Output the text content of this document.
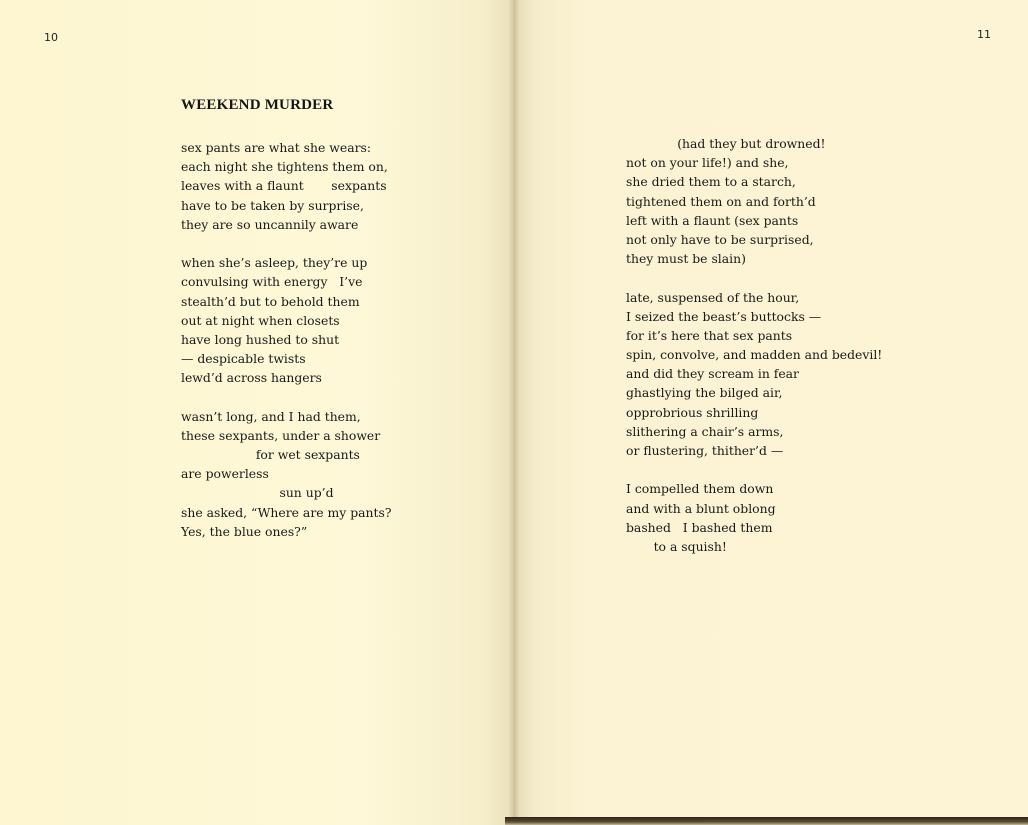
10	11
WEEKEND MURDER
sex pants are what she wears:
each night she tightens them on,
leaves with a flaunt       sexpants
have to be taken by surprise,
they are so uncannily aware
when she’s asleep, they’re up
convulsing with energy   I’ve
stealth’d but to behold them
out at night when closets
have long hushed to shut
— despicable twists
lewd’d across hangers
wasn’t long, and I had them,
these sexpants, under a shower
for wet sexpants
are powerless
sun up’d
she asked, “Where are my pants?
Yes, the blue ones?”
(had they but drowned!
not on your life!) and she,
she dried them to a starch,
tightened them on and forth’d
left with a flaunt (sex pants
not only have to be surprised,
they must be slain)
late, suspensed of the hour,
I seized the beast’s buttocks —
for it’s here that sex pants
spin, convolve, and madden and bedevil!
and did they scream in fear
ghastlying the bilged air,
opprobrious shrilling
slithering a chair’s arms,
or flustering, thither’d —
I compelled them down
and with a blunt oblong
bashed   I bashed them
to a squish!
